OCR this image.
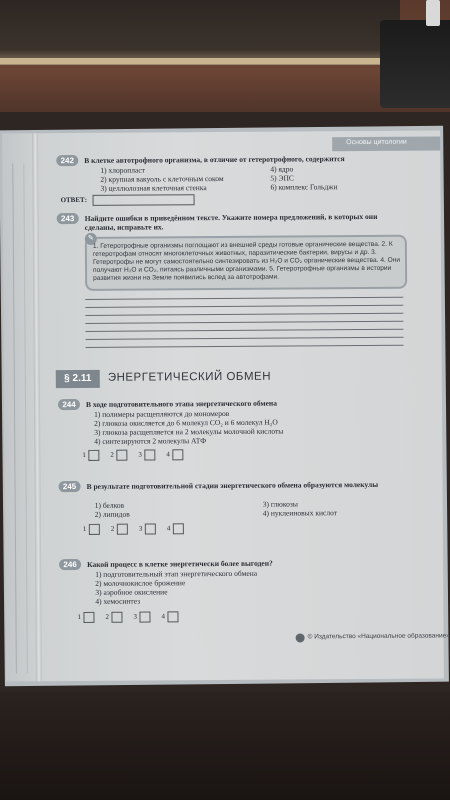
Основы цитологии
242	В клетке автотрофного организма, в отличие от гетеротрофного, содержится
1) хлоропласт
2) крупная вакуоль с клеточным соком
3) целлюлозная клеточная стенка
4) ядро
5) ЭПС
6) комплекс Гольджи
ОТВЕТ:
243	Найдите ошибки в приведённом тексте. Укажите номера предложений, в которых они сделаны, исправьте их.
✎
1. Гетеротрофные организмы поглощают из внешней среды готовые органические вещества. 2. К гетеротрофам относят многоклеточных животных, паразитические бактерии, вирусы и др. 3. Гетеротрофы не могут самостоятельно синтезировать из H₂O и CO₂ органические вещества. 4. Они получают H₂O и CO₂, питаясь различными организмами. 5. Гетеротрофные организмы в истории развития жизни на Земле появились вслед за автотрофами.
§ 2.11	ЭНЕРГЕТИЧЕСКИЙ ОБМЕН
244	В ходе подготовительного этапа энергетического обмена
1) полимеры расщепляются до мономеров
2) глюкоза окисляется до 6 молекул CO₂ и 6 молекул H₂O
3) глюкоза расщепляется на 2 молекулы молочной кислоты
4) синтезируются 2 молекулы АТФ
1	2	3	4
245	В результате подготовительной стадии энергетического обмена образуются молекулы
1) белков
2) липидов
3) глюкозы
4) нуклеиновых кислот
1	2	3	4
246	Какой процесс в клетке энергетически более выгоден?
1) подготовительный этап энергетического обмена
2) молочнокислое брожение
3) аэробное окисление
4) хемосинтез
1	2	3	4
© Издательство «Национальное образование»
